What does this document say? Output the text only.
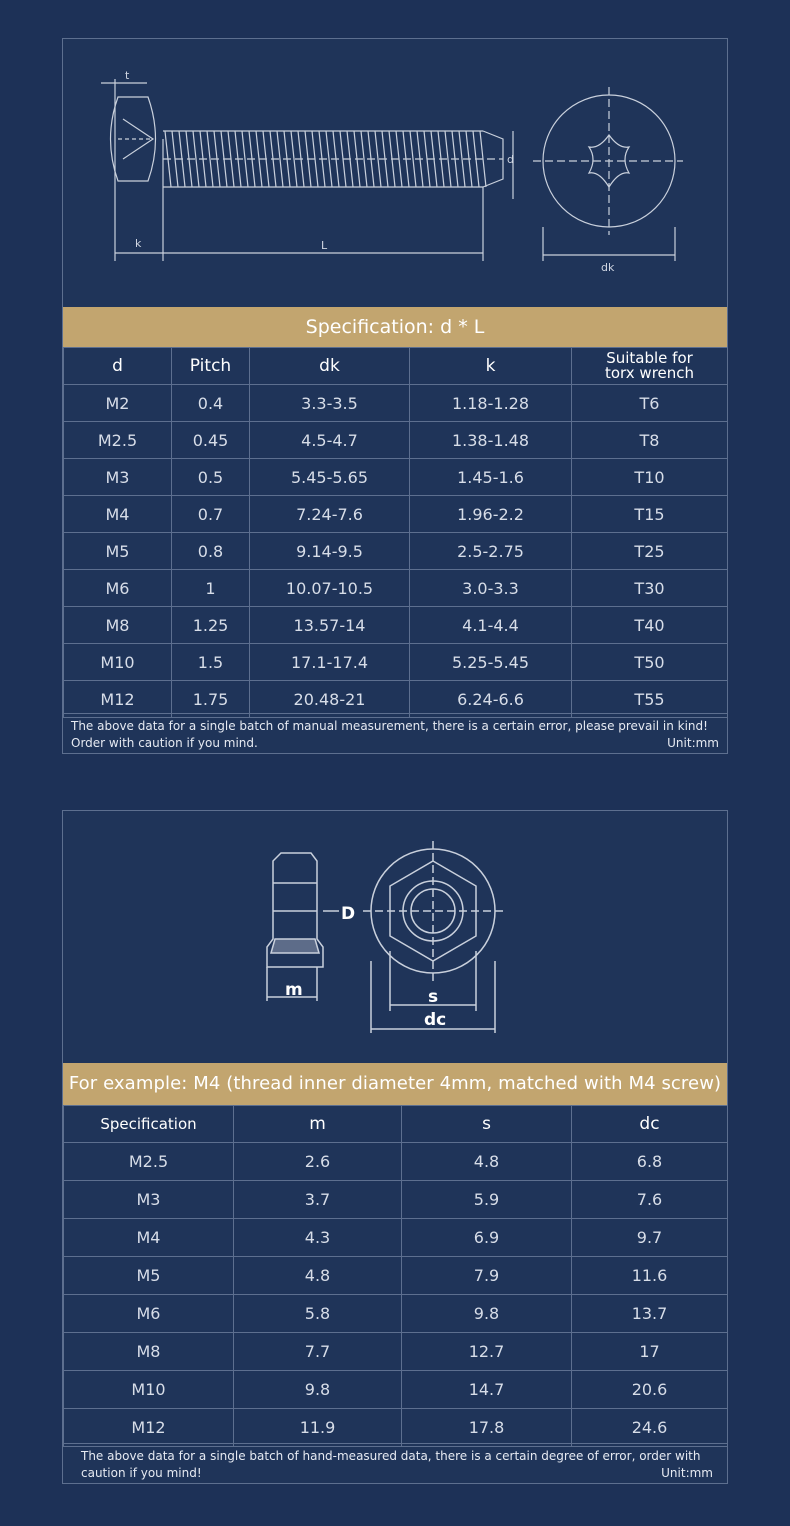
t
k	L
d
dk
Specification: d * L
d	Pitch	dk	k	Suitable for
torx wrench
M2	0.4	3.3-3.5	1.18-1.28	T6
M2.5	0.45	4.5-4.7	1.38-1.48	T8
M3	0.5	5.45-5.65	1.45-1.6	T10
M4	0.7	7.24-7.6	1.96-2.2	T15
M5	0.8	9.14-9.5	2.5-2.75	T25
M6	1	10.07-10.5	3.0-3.3	T30
M8	1.25	13.57-14	4.1-4.4	T40
M10	1.5	17.1-17.4	5.25-5.45	T50
M12	1.75	20.48-21	6.24-6.6	T55
The above data for a single batch of manual measurement, there is a certain error, please prevail in kind!
Order with caution if you mind.	Unit:mm
D
m	s
dc
For example: M4 (thread inner diameter 4mm, matched with M4 screw)
Specification	m	s	dc
M2.5	2.6	4.8	6.8
M3	3.7	5.9	7.6
M4	4.3	6.9	9.7
M5	4.8	7.9	11.6
M6	5.8	9.8	13.7
M8	7.7	12.7	17
M10	9.8	14.7	20.6
M12	11.9	17.8	24.6
The above data for a single batch of hand-measured data, there is a certain degree of error, order with
caution if you mind!	Unit:mm
